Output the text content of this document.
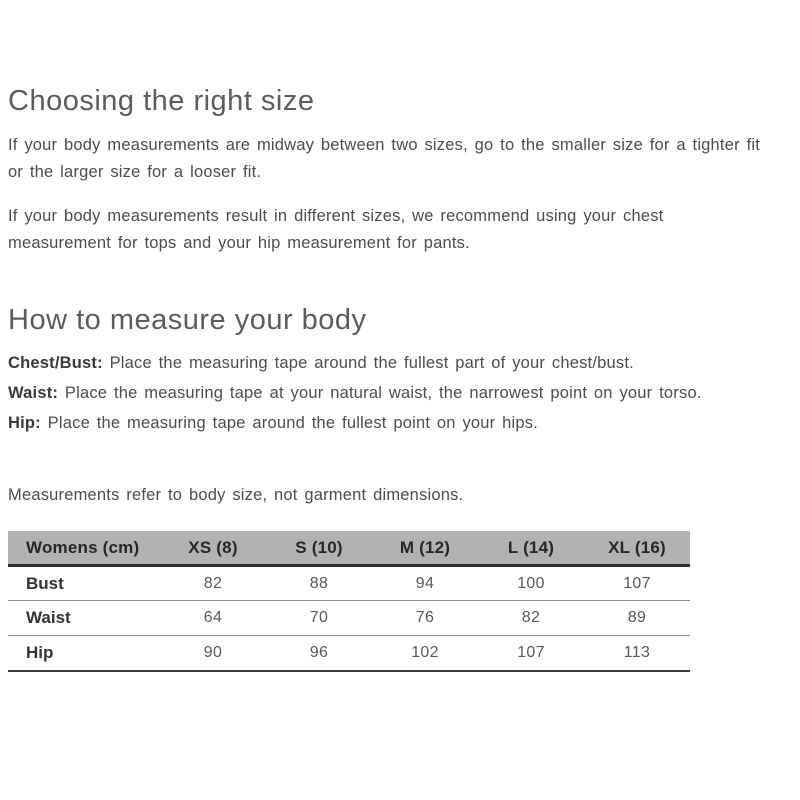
Choosing the right size

If your body measurements are midway between two sizes, go to the smaller size for a tighter fit or the larger size for a looser fit.

If your body measurements result in different sizes, we recommend using your chest measurement for tops and your hip measurement for pants.

How to measure your body

Chest/Bust: Place the measuring tape around the fullest part of your chest/bust.

Waist: Place the measuring tape at your natural waist, the narrowest point on your torso.

Hip: Place the measuring tape around the fullest point on your hips.

Measurements refer to body size, not garment dimensions.

Womens (cm)	XS (8)	S (10)	M (12)	L (14)	XL (16)
Bust	82	88	94	100	107
Waist	64	70	76	82	89
Hip	90	96	102	107	113
